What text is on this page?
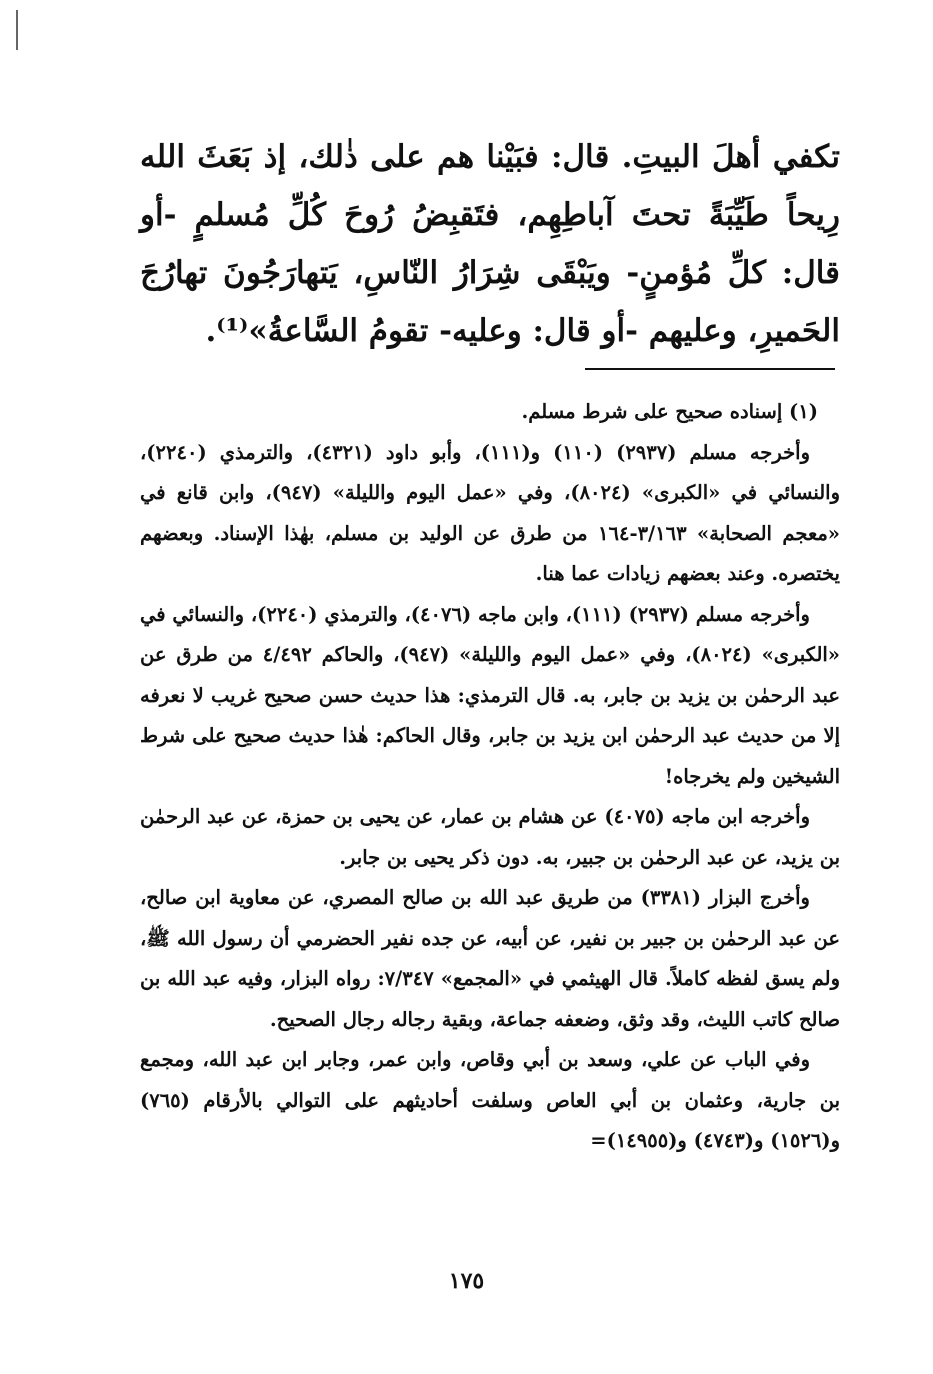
تكفي أهلَ البيتِ. قال: فبَيْنا هم على ذٰلك، إذ بَعَثَ الله رِيحاً طَيِّبَةً تحتَ آباطِهِم، فتَقبِضُ رُوحَ كُلِّ مُسلمٍ -أو قال: كلِّ مُؤمنٍ- ويَبْقَى شِرَارُ النّاسِ، يَتهارَجُونَ تهارُجَ الحَميرِ، وعليهم -أو قال: وعليه- تقومُ السَّاعةُ»⁽¹⁾.

(١) إسناده صحيح على شرط مسلم.

وأخرجه مسلم (٢٩٣٧) (١١٠) و(١١١)، وأبو داود (٤٣٢١)، والترمذي (٢٢٤٠)، والنسائي في «الكبرى» (٨٠٢٤)، وفي «عمل اليوم والليلة» (٩٤٧)، وابن قانع في «معجم الصحابة» ٣/١٦٣-١٦٤ من طرق عن الوليد بن مسلم، بهٰذا الإسناد. وبعضهم يختصره. وعند بعضهم زيادات عما هنا.

وأخرجه مسلم (٢٩٣٧) (١١١)، وابن ماجه (٤٠٧٦)، والترمذي (٢٢٤٠)، والنسائي في «الكبرى» (٨٠٢٤)، وفي «عمل اليوم والليلة» (٩٤٧)، والحاكم ٤/٤٩٢ من طرق عن عبد الرحمٰن بن يزيد بن جابر، به. قال الترمذي: هذا حديث حسن صحيح غريب لا نعرفه إلا من حديث عبد الرحمٰن ابن يزيد بن جابر، وقال الحاكم: هٰذا حديث صحيح على شرط الشيخين ولم يخرجاه!

وأخرجه ابن ماجه (٤٠٧٥) عن هشام بن عمار، عن يحيى بن حمزة، عن عبد الرحمٰن بن يزيد، عن عبد الرحمٰن بن جبير، به. دون ذكر يحيى بن جابر.

وأخرج البزار (٣٣٨١) من طريق عبد الله بن صالح المصري، عن معاوية ابن صالح، عن عبد الرحمٰن بن جبير بن نفير، عن أبيه، عن جده نفير الحضرمي أن رسول الله ﷺ، ولم يسق لفظه كاملاً. قال الهيثمي في «المجمع» ٧/٣٤٧: رواه البزار، وفيه عبد الله بن صالح كاتب الليث، وقد وثق، وضعفه جماعة، وبقية رجاله رجال الصحيح.

وفي الباب عن علي، وسعد بن أبي وقاص، وابن عمر، وجابر ابن عبد الله، ومجمع بن جارية، وعثمان بن أبي العاص وسلفت أحاديثهم على التوالي بالأرقام (٧٦٥) و(١٥٢٦) و(٤٧٤٣) و(١٤٩٥٥)=

١٧٥
